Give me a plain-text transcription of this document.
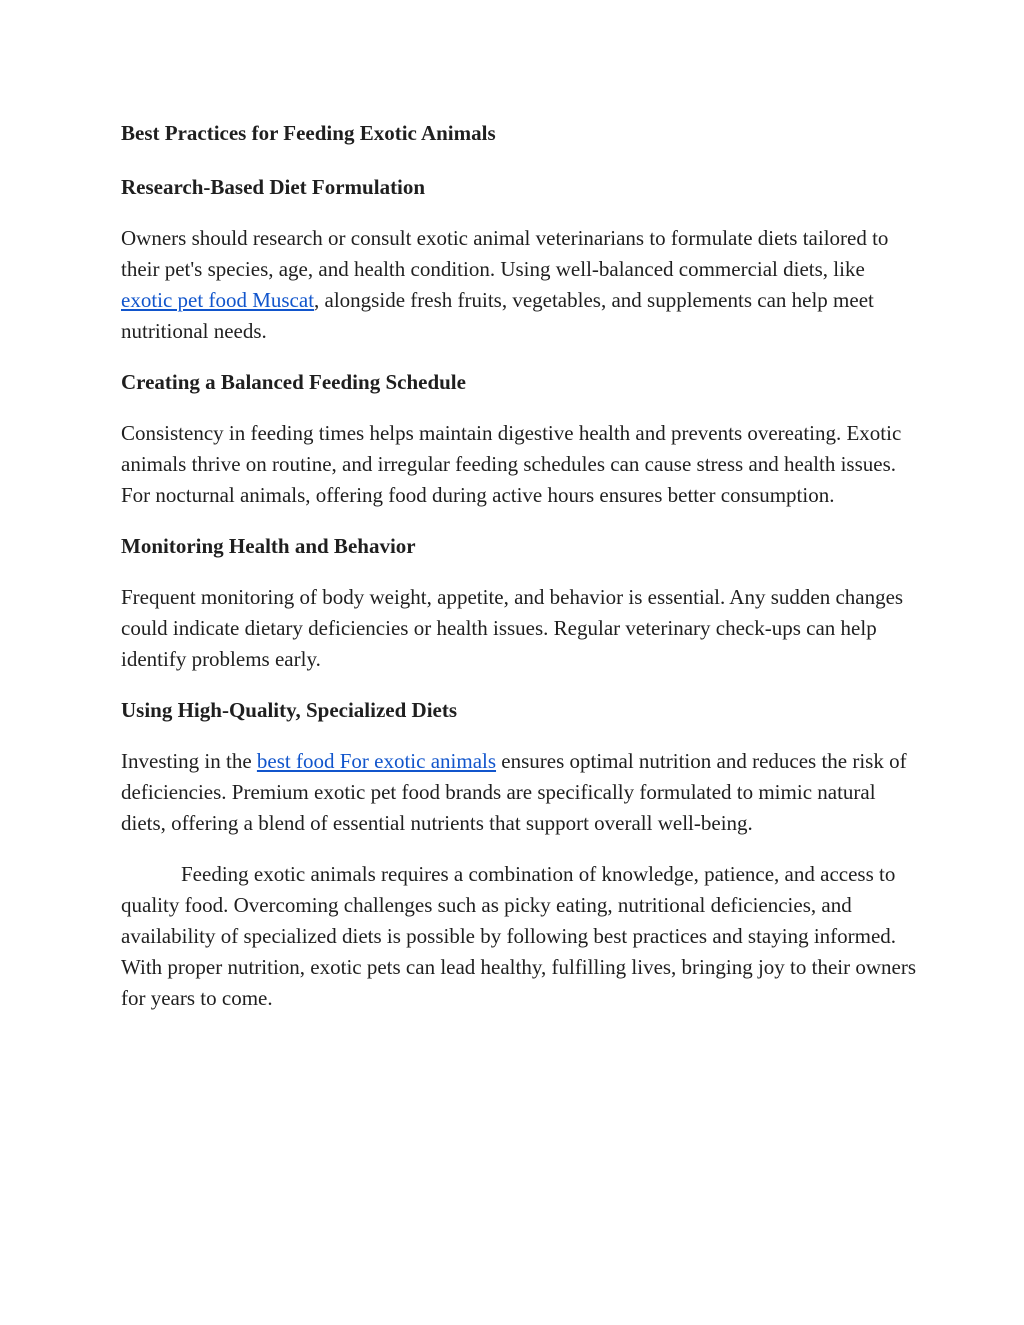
Best Practices for Feeding Exotic Animals
Research-Based Diet Formulation

Owners should research or consult exotic animal veterinarians to formulate diets tailored to their pet's species, age, and health condition. Using well-balanced commercial diets, like exotic pet food Muscat, alongside fresh fruits, vegetables, and supplements can help meet nutritional needs.

Creating a Balanced Feeding Schedule

Consistency in feeding times helps maintain digestive health and prevents overeating. Exotic animals thrive on routine, and irregular feeding schedules can cause stress and health issues. For nocturnal animals, offering food during active hours ensures better consumption.

Monitoring Health and Behavior

Frequent monitoring of body weight, appetite, and behavior is essential. Any sudden changes could indicate dietary deficiencies or health issues. Regular veterinary check-ups can help identify problems early.

Using High-Quality, Specialized Diets

Investing in the best food For exotic animals ensures optimal nutrition and reduces the risk of deficiencies. Premium exotic pet food brands are specifically formulated to mimic natural diets, offering a blend of essential nutrients that support overall well-being.

Feeding exotic animals requires a combination of knowledge, patience, and access to quality food. Overcoming challenges such as picky eating, nutritional deficiencies, and availability of specialized diets is possible by following best practices and staying informed. With proper nutrition, exotic pets can lead healthy, fulfilling lives, bringing joy to their owners for years to come.
